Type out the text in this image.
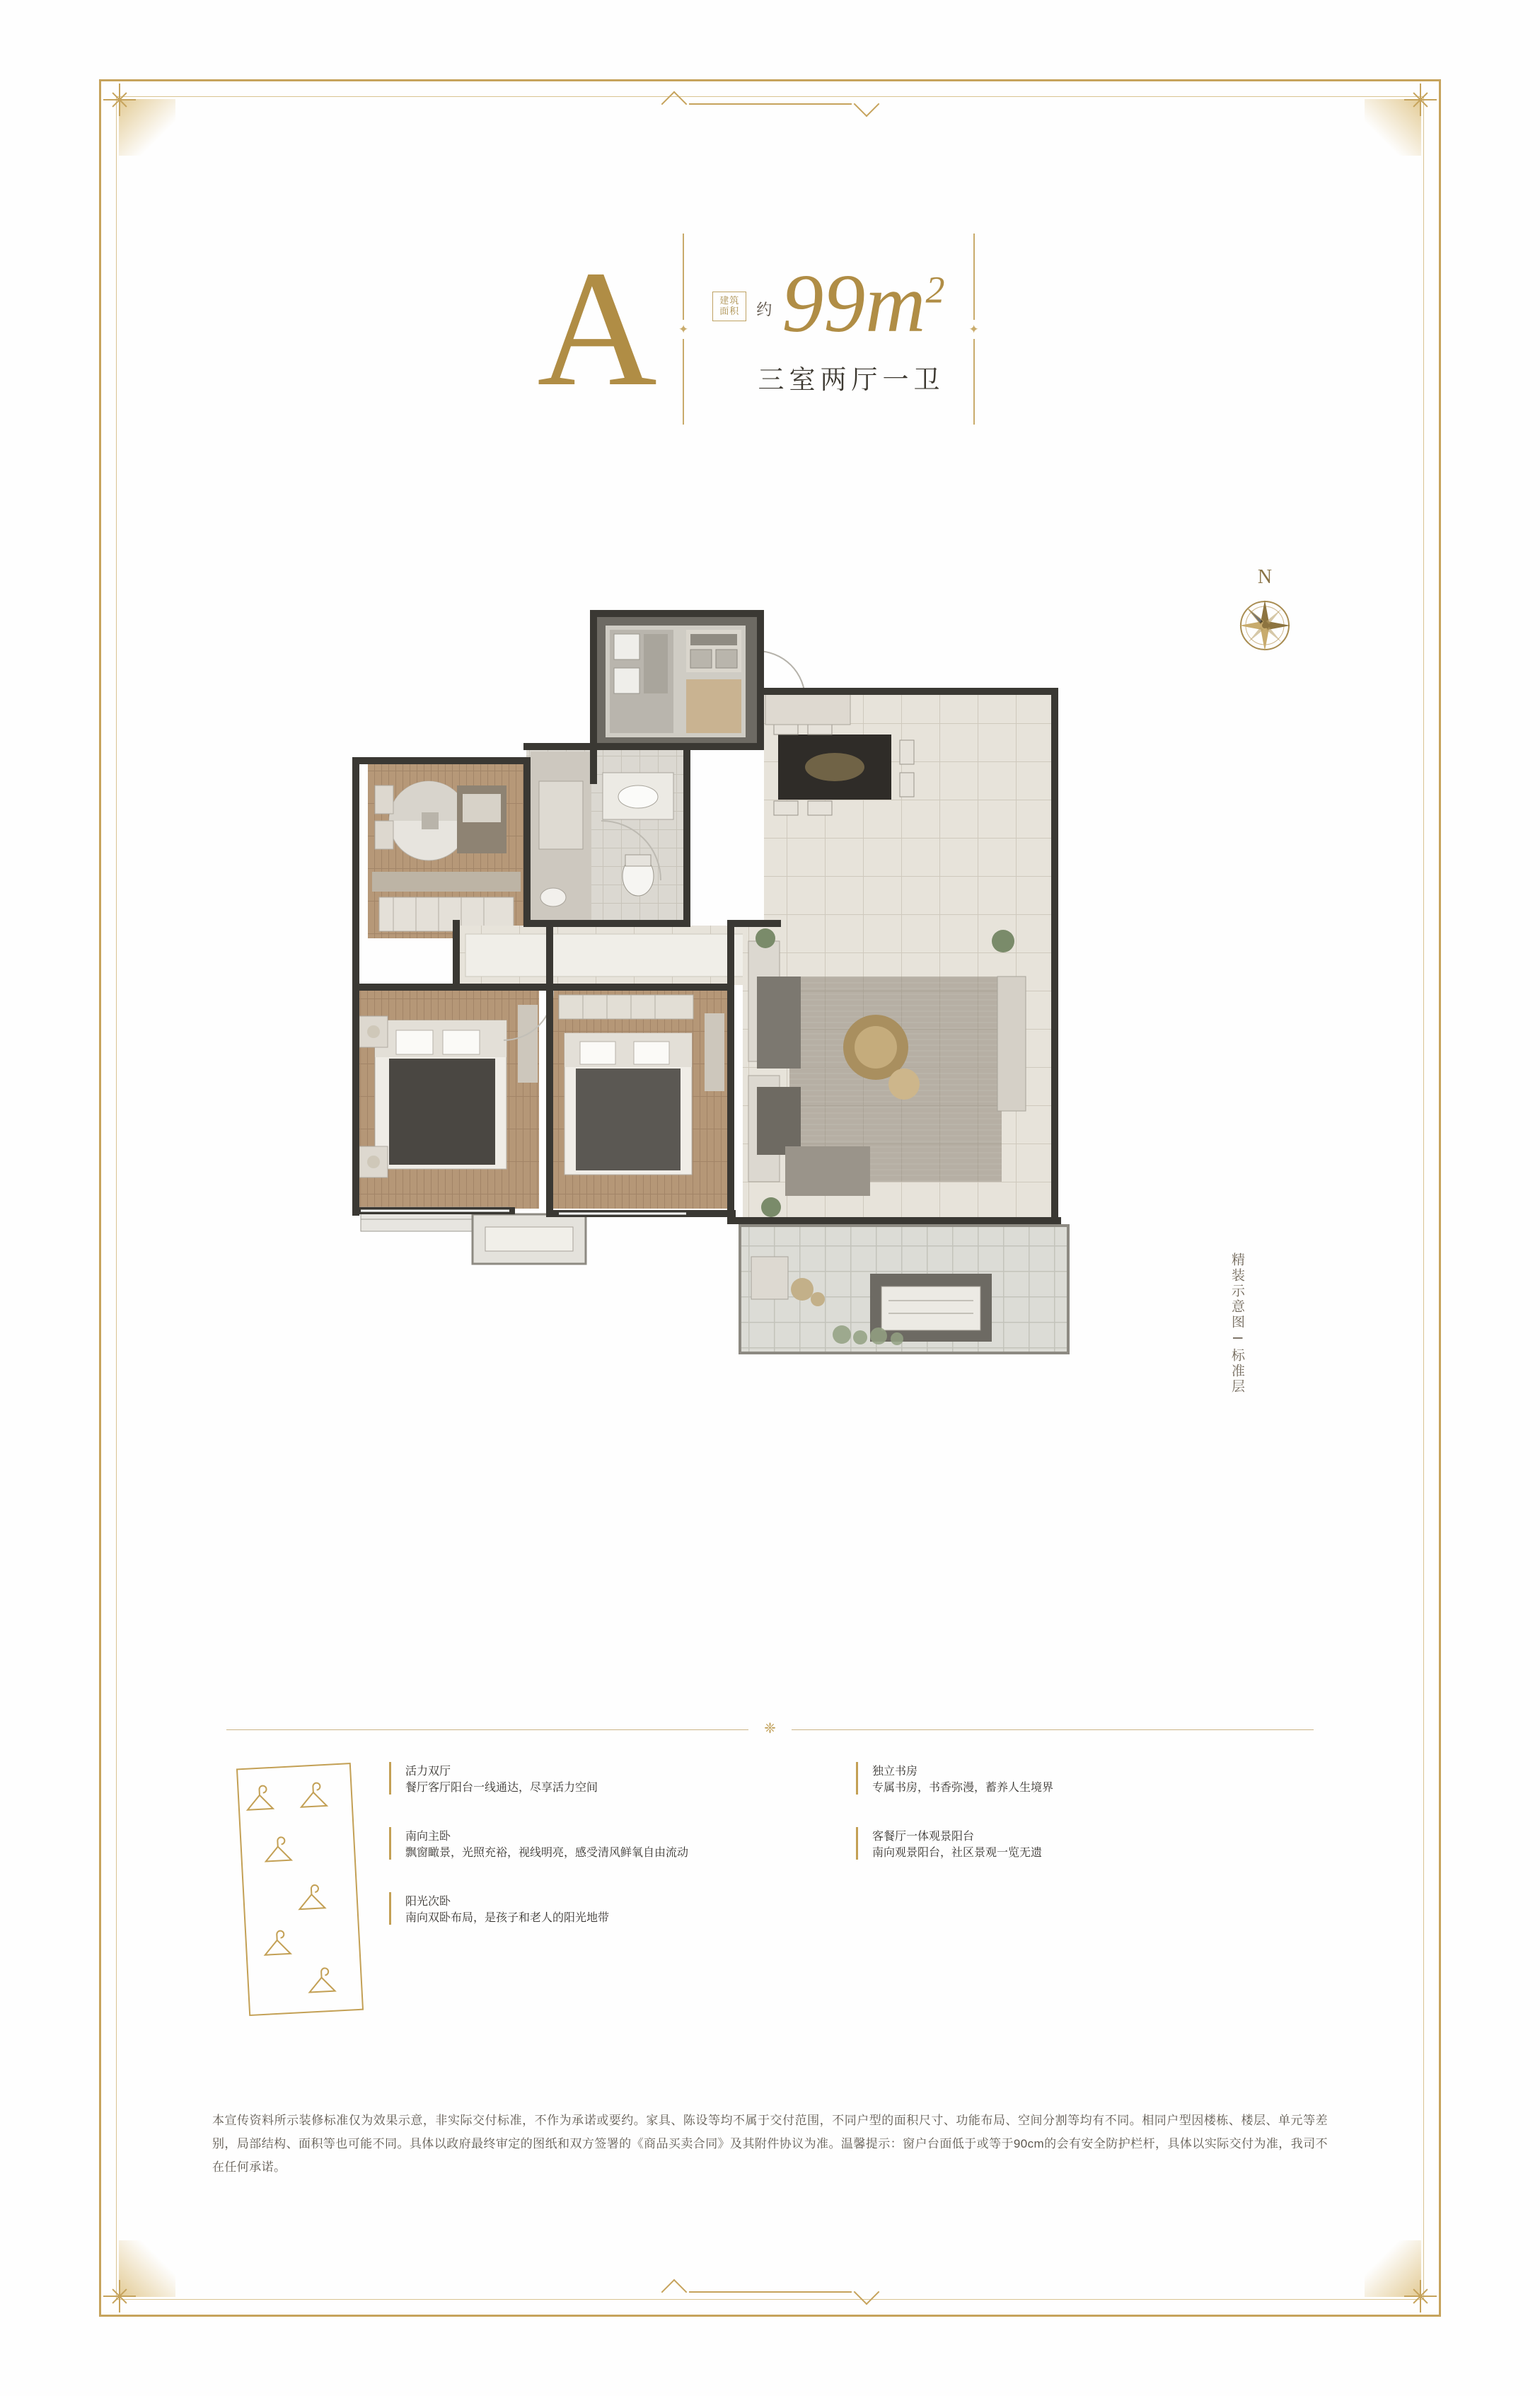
A ✦
建筑
面积	约 $99m^2$
三室两厅一卫
✦
N
精装示意图 I 标准层
❈
活力双厅
餐厅客厅阳台一线通达，尽享活力空间
独立书房
专属书房，书香弥漫，蓄养人生境界
南向主卧
飘窗瞰景，光照充裕，视线明亮，感受清风鲜氧自由流动
客餐厅一体观景阳台
南向观景阳台，社区景观一览无遗
阳光次卧
南向双卧布局，是孩子和老人的阳光地带
本宣传资料所示装修标准仅为效果示意，非实际交付标准，不作为承诺或要约。家具、陈设等均不属于交付范围，不同户型的面积尺寸、功能布局、空间分割等均有不同。相同户型因楼栋、楼层、单元等差别，局部结构、面积等也可能不同。具体以政府最终审定的图纸和双方签署的《商品买卖合同》及其附件协议为准。温馨提示：窗户台面低于或等于90cm的会有安全防护栏杆，具体以实际交付为准，我司不在任何承诺。
